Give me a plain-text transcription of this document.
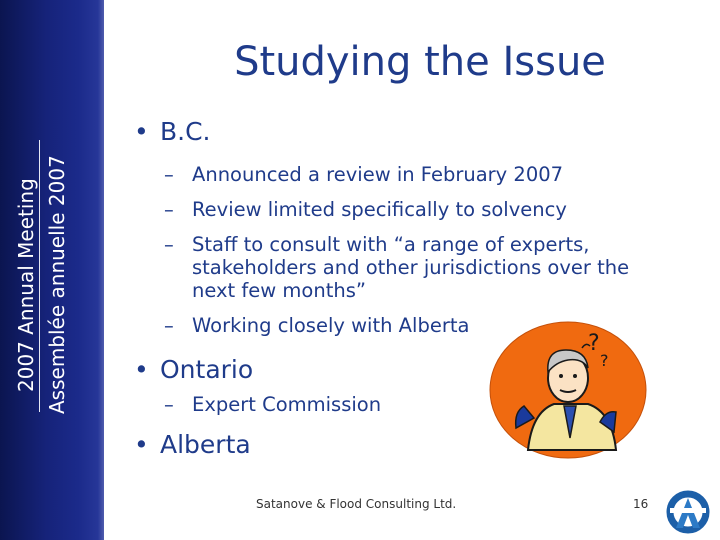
2007 Annual Meeting Assemblée annuelle 2007
Studying the Issue
• B.C.
– Announced a review in February 2007
– Review limited specifically to solvency
– Staff to consult with “a range of experts, stakeholders and other jurisdictions over the next few months”
– Working closely with Alberta
• Ontario
– Expert Commission
• Alberta
?
?
Satanove & Flood Consulting Ltd.	16
